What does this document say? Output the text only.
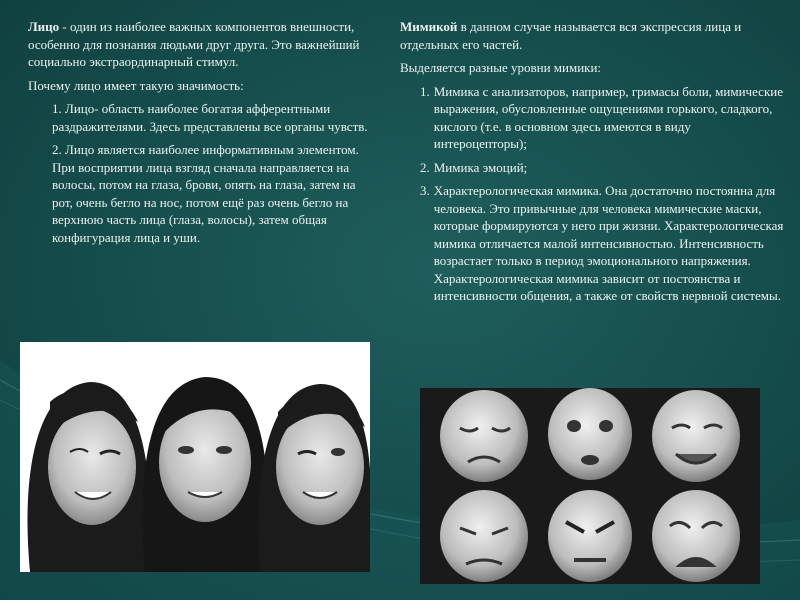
Лицо - один из наиболее важных компонентов внешности, особенно для познания людьми друг друга. Это важнейший социально экстраординарный стимул.

Почему лицо имеет такую значимость:

1. Лицо- область наиболее богатая афферентными раздражителями. Здесь представлены все органы чувств.

2. Лицо является наиболее информативным элементом. При восприятии лица взгляд сначала направляется на волосы, потом на глаза, брови, опять на глаза, затем на рот, очень бегло на нос, потом ещё раз очень бегло на верхнюю часть лица (глаза, волосы), затем общая конфигурация лица и уши.

Мимикой в данном случае называется вся экспрессия лица и отдельных его частей.

Выделяется разные уровни мимики:

1. Мимика с анализаторов, например, гримасы боли, мимические выражения, обусловленные ощущениями горького, сладкого, кислого (т.е. в основном здесь имеются в виду интероцепторы);
2. Мимика эмоций;
3. Характерологическая мимика. Она достаточно постоянна для человека. Это привычные для человека мимические маски, которые формируются у него при жизни. Характерологическая мимика отличается малой интенсивностью. Интенсивность возрастает только в период эмоционального напряжения. Характерологическая мимика зависит от постоянства и интенсивности общения, а также от свойств нервной системы.
